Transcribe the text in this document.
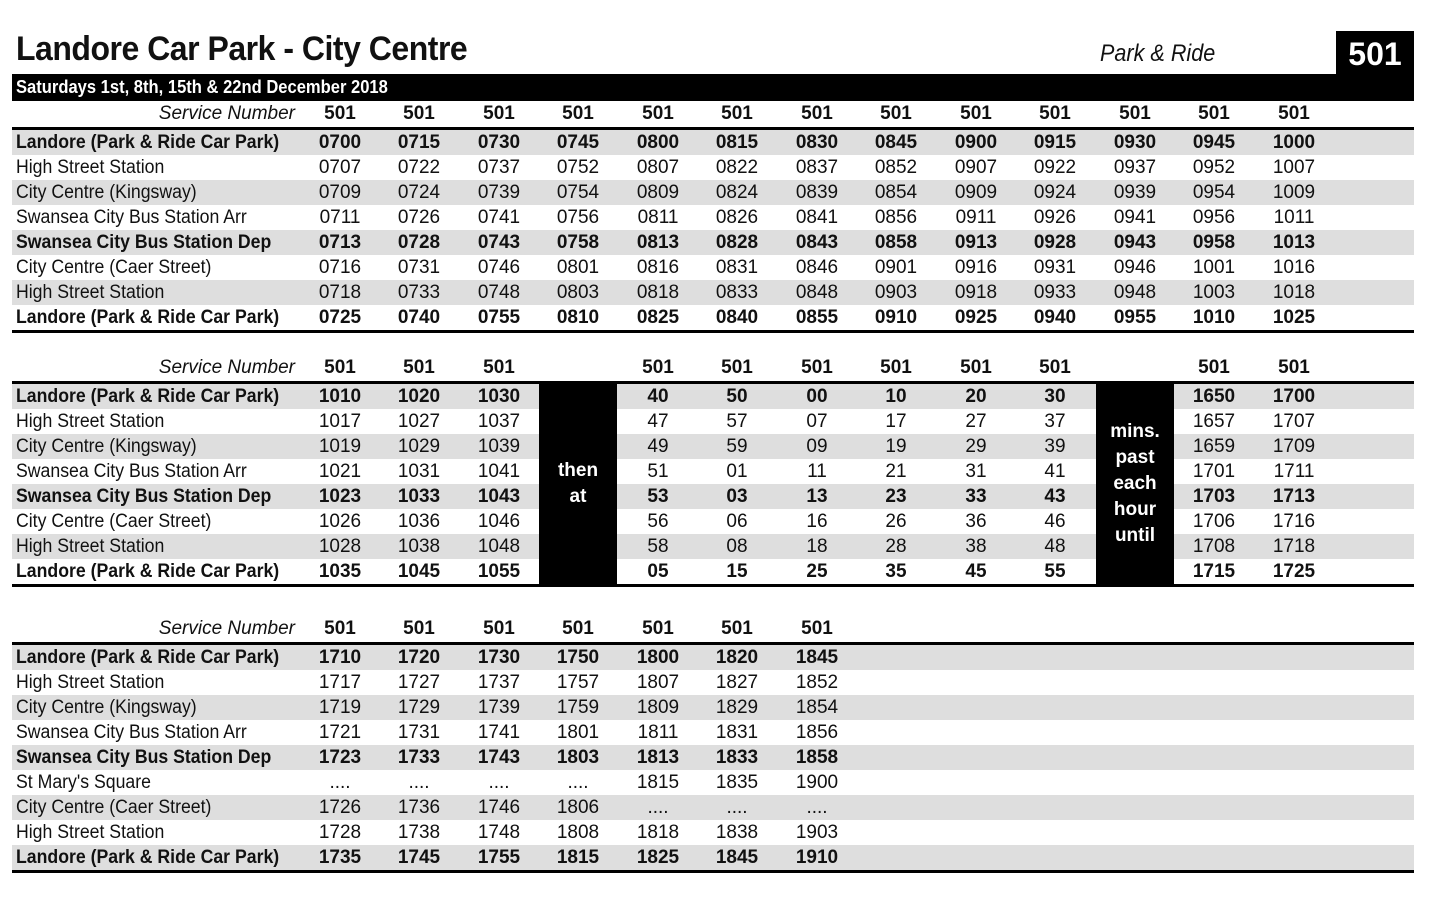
Landore Car Park - City Centre	Park & Ride	501
Saturdays 1st, 8th, 15th & 22nd December 2018
Service Number	501	501	501	501	501	501	501	501	501	501	501	501	501
Landore (Park & Ride Car Park)	0700	0715	0730	0745	0800	0815	0830	0845	0900	0915	0930	0945	1000
High Street Station	0707	0722	0737	0752	0807	0822	0837	0852	0907	0922	0937	0952	1007
City Centre (Kingsway)	0709	0724	0739	0754	0809	0824	0839	0854	0909	0924	0939	0954	1009
Swansea City Bus Station Arr	0711	0726	0741	0756	0811	0826	0841	0856	0911	0926	0941	0956	1011
Swansea City Bus Station Dep	0713	0728	0743	0758	0813	0828	0843	0858	0913	0928	0943	0958	1013
City Centre (Caer Street)	0716	0731	0746	0801	0816	0831	0846	0901	0916	0931	0946	1001	1016
High Street Station	0718	0733	0748	0803	0818	0833	0848	0903	0918	0933	0948	1003	1018
Landore (Park & Ride Car Park)	0725	0740	0755	0810	0825	0840	0855	0910	0925	0940	0955	1010	1025
Service Number	501	501	501	501	501	501	501	501	501	501	501
Landore (Park & Ride Car Park)	1010	1020	1030	40	50	00	10	20	30	1650	1700
High Street Station	1017	1027	1037	47	57	07	17	27	37	1657	1707
City Centre (Kingsway)	1019	1029	1039	49	59	09	19	29	39	1659	1709
Swansea City Bus Station Arr	1021	1031	1041	51	01	11	21	31	41	1701	1711
Swansea City Bus Station Dep	1023	1033	1043	53	03	13	23	33	43	1703	1713
City Centre (Caer Street)	1026	1036	1046	56	06	16	26	36	46	1706	1716
High Street Station	1028	1038	1048	58	08	18	28	38	48	1708	1718
Landore (Park & Ride Car Park)	1035	1045	1055	05	15	25	35	45	55	1715	1725
then
at
mins.
past
each
hour
until
Service Number	501	501	501	501	501	501	501
Landore (Park & Ride Car Park)	1710	1720	1730	1750	1800	1820	1845
High Street Station	1717	1727	1737	1757	1807	1827	1852
City Centre (Kingsway)	1719	1729	1739	1759	1809	1829	1854
Swansea City Bus Station Arr	1721	1731	1741	1801	1811	1831	1856
Swansea City Bus Station Dep	1723	1733	1743	1803	1813	1833	1858
St Mary's Square	....	....	....	....	1815	1835	1900
City Centre (Caer Street)	1726	1736	1746	1806	....	....	....
High Street Station	1728	1738	1748	1808	1818	1838	1903
Landore (Park & Ride Car Park)	1735	1745	1755	1815	1825	1845	1910
